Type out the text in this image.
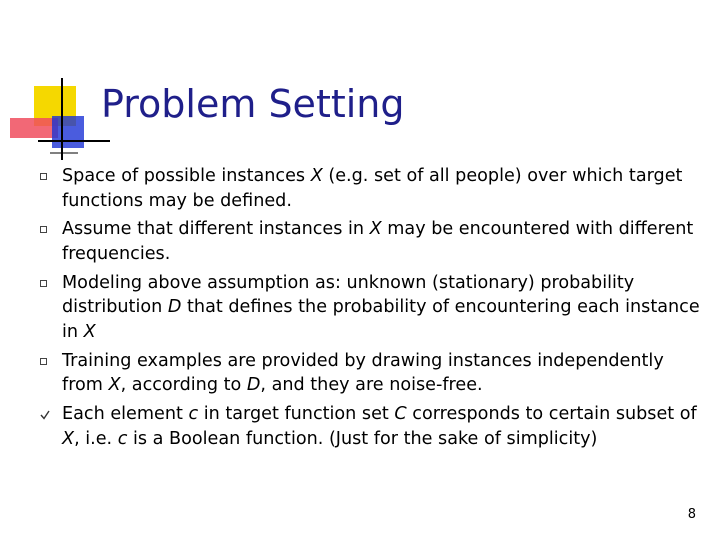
Problem Setting
Space of possible instances X (e.g. set of all people) over which target functions may be defined.
Assume that different instances in X may be encountered with different frequencies.
Modeling above assumption as: unknown (stationary) probability distribution D that defines the probability of encountering each instance in X
Training examples are provided by drawing instances independently from X, according to D, and they are noise-free.
Each element c in target function set C corresponds to certain subset of X, i.e. c is a Boolean function. (Just for the sake of simplicity)
8
